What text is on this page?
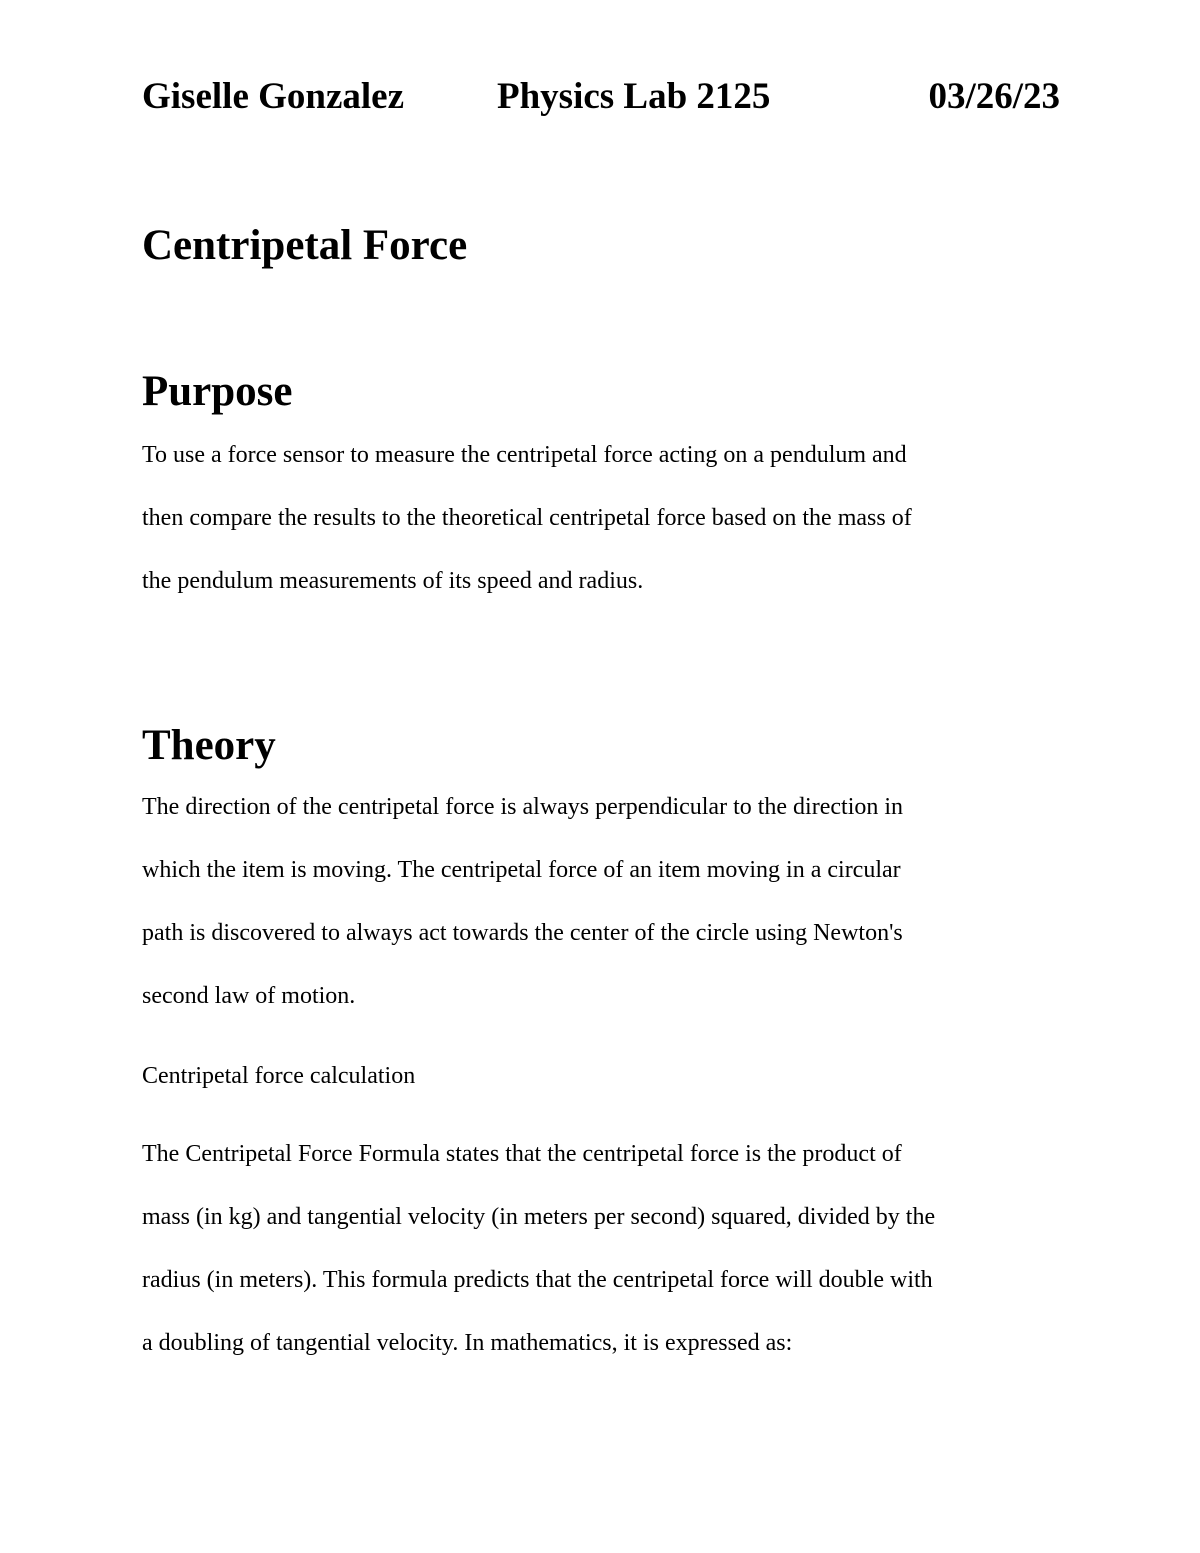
Giselle Gonzalez	Physics Lab 2125	03/26/23
Centripetal Force
Purpose

To use a force sensor to measure the centripetal force acting on a pendulum and
then compare the results to the theoretical centripetal force based on the mass of
the pendulum measurements of its speed and radius.

Theory

The direction of the centripetal force is always perpendicular to the direction in
which the item is moving. The centripetal force of an item moving in a circular
path is discovered to always act towards the center of the circle using Newton's
second law of motion.

Centripetal force calculation

The Centripetal Force Formula states that the centripetal force is the product of
mass (in kg) and tangential velocity (in meters per second) squared, divided by the
radius (in meters). This formula predicts that the centripetal force will double with
a doubling of tangential velocity. In mathematics, it is expressed as:
